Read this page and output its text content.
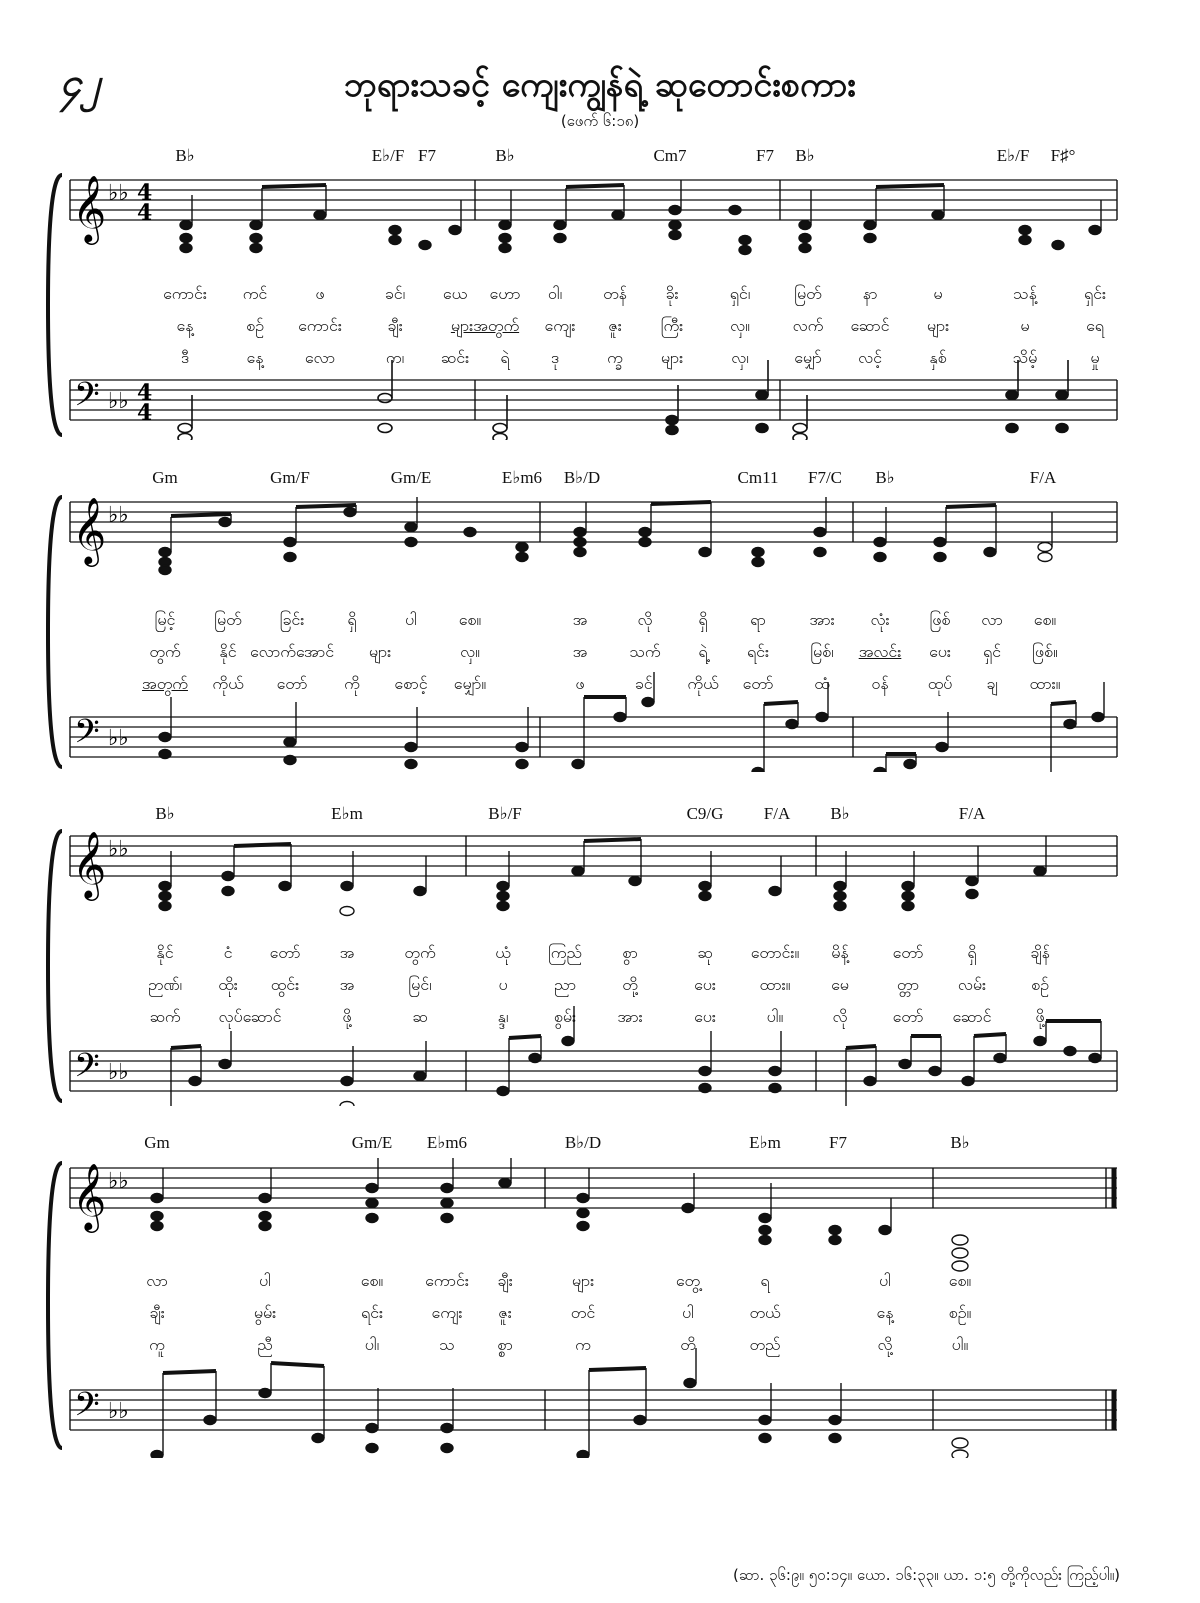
၄၂	ဘုရားသခင့် ကျေးကျွန်ရဲ့ ဆုတောင်းစကား
(ဖေက် ၆:၁၈)
B♭	E♭/F F7	B♭	Cm7	F7 B♭	E♭/F F♯°
𝄞
𝄢
♭♭
♭♭
4
4
4
4
ကောင်း ကင်	ဖ	ခင်၊ ယေ ဟော ဝါ၊	တန် ခိုး	ရှင်၊	မြတ်	နာ	မ	သန့်	ရှင်း
နေ့	စဉ် ကောင်း	ချီး	များအတွက် ကျေး ဇူး ကြီး	လှ။	လက် ဆောင် များ	မ	ရေ
ဒီ	နေ့	လော	က၊ ဆင်း ရဲ	ဒု	က္ခ များ	လှ၊	မျှော် လင့်	နှစ်	သိမ့်	မှု
Gm	Gm/F	Gm/E	E♭m6 B♭/D	Cm11 F7/C B♭	F/A
𝄞
𝄢
♭♭
♭♭
မြင့် မြတ် ခြင်း	ရှိ	ပါ	စေ။	အ	လို	ရှိ	ရာ	အား လုံး	ဖြစ် လာ စေ။
တွက် နိုင် လောက်အောင် များ	လှ။	အ	သက် ရဲ့ ရင်း	မြစ်၊ အလင်း ပေး ရှင် ဖြစ်။
အတွက် ကိုယ် တော် ကို စောင့် မျှော်။	ဖ	ခင်၊ ကိုယ် တော်	ထံ	ဝန် ထုပ် ချ ထား။
B♭	E♭m	B♭/F	C9/G F/A B♭	F/A
𝄞
𝄢
♭♭
♭♭
နိုင်	ငံ တော် အ	တွက်	ယုံ ကြည်	စွာ	ဆု တောင်း။ မိန့်	တော်	ရှိ	ချိန်
ဉာဏ်၊ ထိုး ထွင်း	အ	မြင်၊	ပ	ညာ	တို့	ပေး	ထား။	မေ	တ္တာ လမ်း	စဉ်
ဆက် လုပ်ဆောင်	ဖို့	ဆ	န္ဒ၊	စွမ်း	အား	ပေး	ပါ။	လို	တော် ဆောင်	ဖို့
Gm	Gm/E E♭m6	B♭/D	E♭m	F7	B♭
𝄞
𝄢
♭♭
♭♭
လာ	ပါ	စေ။	ကောင်း ချီး	များ	တွေ့	ရ	ပါ	စေ။
ချီး	မွမ်း	ရင်း	ကျေး ဇူး	တင်	ပါ	တယ်	နေ့	စဉ်။
ကူ	ညီ	ပါ၊	သ	စ္စာ	က	တိ	တည်	လို့	ပါ။
(ဆာ. ၃၆:၉။ ၅၀:၁၄။ ယော. ၁၆:၃၃။ ယာ. ၁:၅ တို့ကိုလည်း ကြည့်ပါ။)
